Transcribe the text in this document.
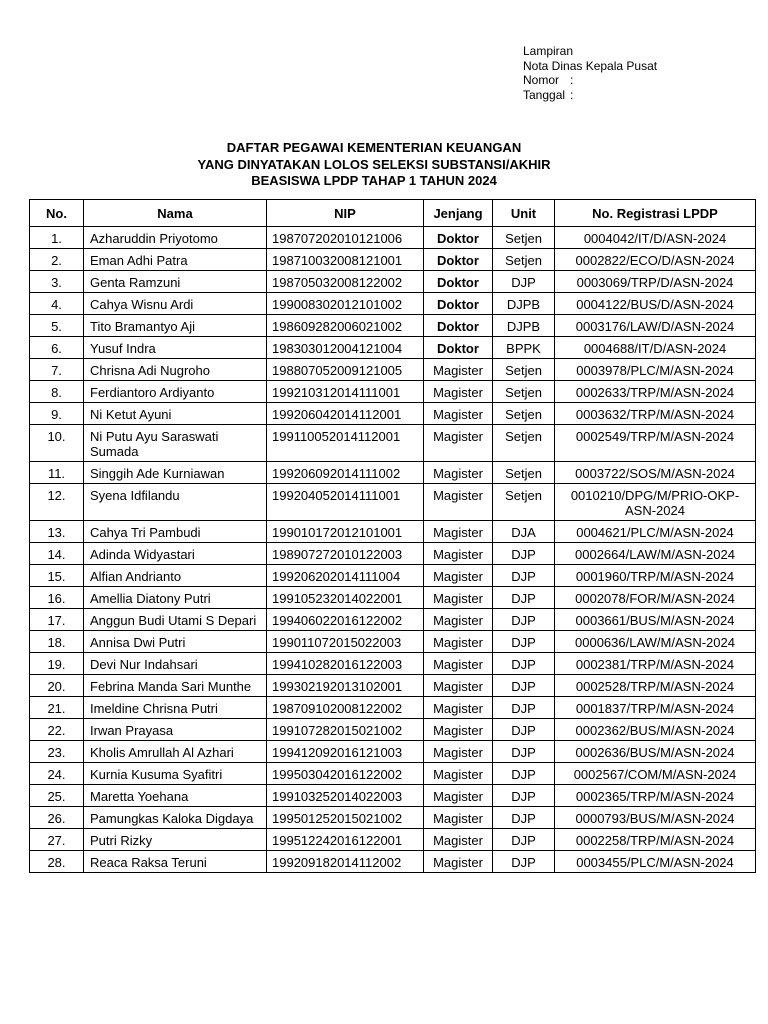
Lampiran
Nota Dinas Kepala Pusat
Nomor :
Tanggal :
DAFTAR PEGAWAI KEMENTERIAN KEUANGAN
YANG DINYATAKAN LOLOS SELEKSI SUBSTANSI/AKHIR
BEASISWA LPDP TAHAP 1 TAHUN 2024
No.	Nama	NIP	Jenjang	Unit	No. Registrasi LPDP
1.	Azharuddin Priyotomo	198707202010121006	Doktor	Setjen	0004042/IT/D/ASN-2024
2.	Eman Adhi Patra	198710032008121001	Doktor	Setjen	0002822/ECO/D/ASN-2024
3.	Genta Ramzuni	198705032008122002	Doktor	DJP	0003069/TRP/D/ASN-2024
4.	Cahya Wisnu Ardi	199008302012101002	Doktor	DJPB	0004122/BUS/D/ASN-2024
5.	Tito Bramantyo Aji	198609282006021002	Doktor	DJPB	0003176/LAW/D/ASN-2024
6.	Yusuf Indra	198303012004121004	Doktor	BPPK	0004688/IT/D/ASN-2024
7.	Chrisna Adi Nugroho	198807052009121005	Magister	Setjen	0003978/PLC/M/ASN-2024
8.	Ferdiantoro Ardiyanto	199210312014111001	Magister	Setjen	0002633/TRP/M/ASN-2024
9.	Ni Ketut Ayuni	199206042014112001	Magister	Setjen	0003632/TRP/M/ASN-2024
10.	Ni Putu Ayu Saraswati Sumada	199110052014112001	Magister	Setjen	0002549/TRP/M/ASN-2024
11.	Singgih Ade Kurniawan	199206092014111002	Magister	Setjen	0003722/SOS/M/ASN-2024
12.	Syena Idfilandu	199204052014111001	Magister	Setjen	0010210/DPG/M/PRIO-OKP-ASN-2024
13.	Cahya Tri Pambudi	199010172012101001	Magister	DJA	0004621/PLC/M/ASN-2024
14.	Adinda Widyastari	198907272010122003	Magister	DJP	0002664/LAW/M/ASN-2024
15.	Alfian Andrianto	199206202014111004	Magister	DJP	0001960/TRP/M/ASN-2024
16.	Amellia Diatony Putri	199105232014022001	Magister	DJP	0002078/FOR/M/ASN-2024
17.	Anggun Budi Utami S Depari	199406022016122002	Magister	DJP	0003661/BUS/M/ASN-2024
18.	Annisa Dwi Putri	199011072015022003	Magister	DJP	0000636/LAW/M/ASN-2024
19.	Devi Nur Indahsari	199410282016122003	Magister	DJP	0002381/TRP/M/ASN-2024
20.	Febrina Manda Sari Munthe	199302192013102001	Magister	DJP	0002528/TRP/M/ASN-2024
21.	Imeldine Chrisna Putri	198709102008122002	Magister	DJP	0001837/TRP/M/ASN-2024
22.	Irwan Prayasa	199107282015021002	Magister	DJP	0002362/BUS/M/ASN-2024
23.	Kholis Amrullah Al Azhari	199412092016121003	Magister	DJP	0002636/BUS/M/ASN-2024
24.	Kurnia Kusuma Syafitri	199503042016122002	Magister	DJP	0002567/COM/M/ASN-2024
25.	Maretta Yoehana	199103252014022003	Magister	DJP	0002365/TRP/M/ASN-2024
26.	Pamungkas Kaloka Digdaya	199501252015021002	Magister	DJP	0000793/BUS/M/ASN-2024
27.	Putri Rizky	199512242016122001	Magister	DJP	0002258/TRP/M/ASN-2024
28.	Reaca Raksa Teruni	199209182014112002	Magister	DJP	0003455/PLC/M/ASN-2024
